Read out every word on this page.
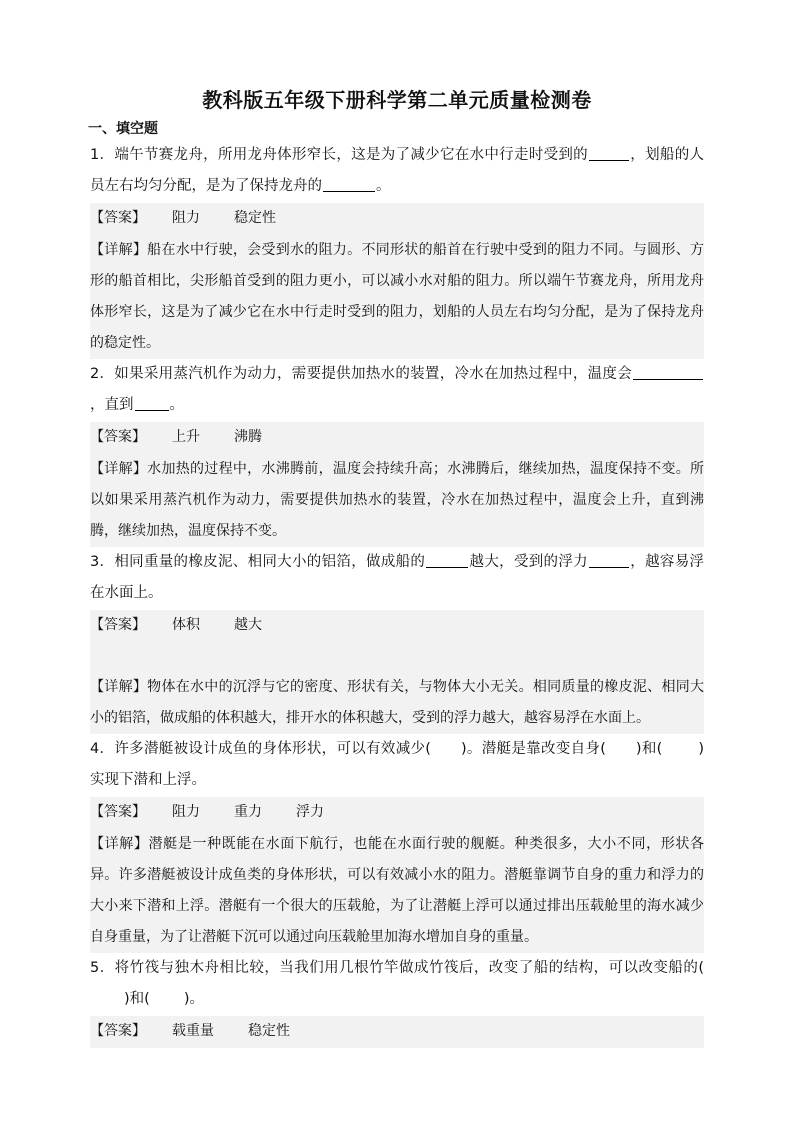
教科版五年级下册科学第二单元质量检测卷
一、填空题
1．端午节赛龙舟，所用龙舟体形窄长，这是为了减少它在水中行走时受到的	，划船的人员左右均匀分配，是为了保持龙舟的	。
【答案】 阻力 稳定性
【详解】船在水中行驶，会受到水的阻力。不同形状的船首在行驶中受到的阻力不同。与圆形、方形的船首相比，尖形船首受到的阻力更小，可以减小水对船的阻力。所以端午节赛龙舟，所用龙舟体形窄长，这是为了减少它在水中行走时受到的阻力，划船的人员左右均匀分配，是为了保持龙舟的稳定性。
2．如果采用蒸汽机作为动力，需要提供加热水的装置，冷水在加热过程中，温度会，直到 。
【答案】 上升 沸腾
【详解】水加热的过程中，水沸腾前，温度会持续升高；水沸腾后，继续加热，温度保持不变。所以如果采用蒸汽机作为动力，需要提供加热水的装置，冷水在加热过程中，温度会上升，直到沸腾，继续加热，温度保持不变。
3．相同重量的橡皮泥、相同大小的铝箔，做成船的	越大，受到的浮力	，越容易浮在水面上。
【答案】 体积 越大
【详解】物体在水中的沉浮与它的密度、形状有关，与物体大小无关。相同质量的橡皮泥、相同大小的铝箔，做成船的体积越大，排开水的体积越大，受到的浮力越大，越容易浮在水面上。
4．许多潜艇被设计成鱼的身体形状，可以有效减少( )。潜艇是靠改变自身( )和( )实现下潜和上浮。
【答案】 阻力 重力 浮力
【详解】潜艇是一种既能在水面下航行，也能在水面行驶的舰艇。种类很多，大小不同，形状各异。许多潜艇被设计成鱼类的身体形状，可以有效减小水的阻力。潜艇靠调节自身的重力和浮力的大小来下潜和上浮。潜艇有一个很大的压载舱，为了让潜艇上浮可以通过排出压载舱里的海水减少自身重量，为了让潜艇下沉可以通过向压载舱里加海水增加自身的重量。
5．将竹筏与独木舟相比较，当我们用几根竹竿做成竹筏后，改变了船的结构，可以改变船的()和( )。
【答案】 载重量 稳定性
